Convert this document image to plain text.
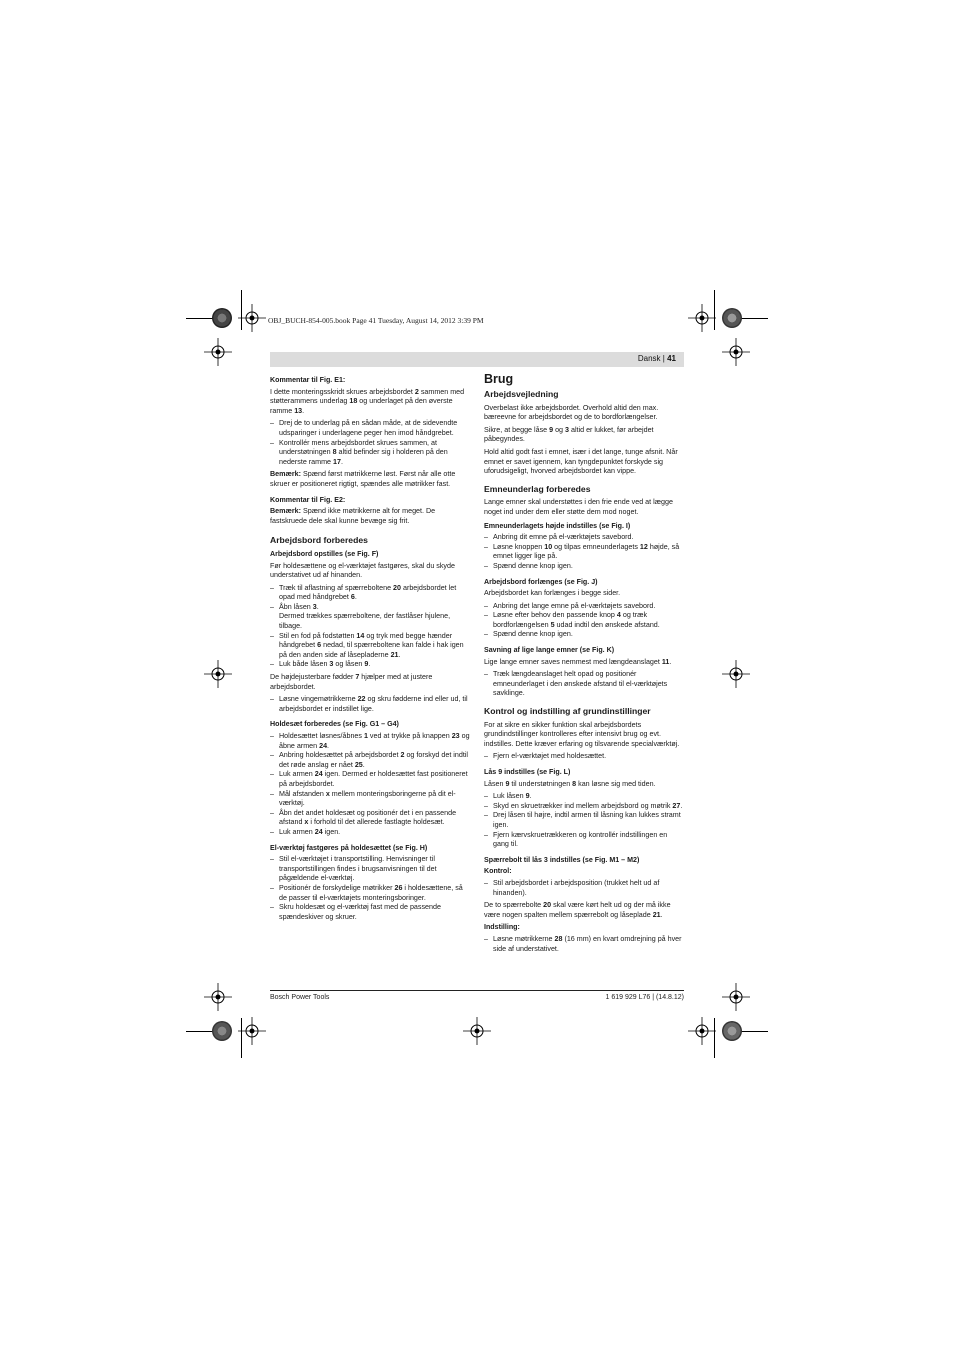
OBJ_BUCH-854-005.book Page 41 Tuesday, August 14, 2012 3:39 PM
Dansk | 41
Kommentar til Fig. E1:

I dette monteringsskridt skrues arbejdsbordet 2 sammen med støtterammens underlag 18 og underlaget på den øverste ramme 13.

– Drej de to underlag på en sådan måde, at de sidevendte udsparinger i underlagene peger hen imod håndgrebet.
– Kontrollér mens arbejdsbordet skrues sammen, at understøtningen 8 altid befinder sig i holderen på den nederste ramme 17.

Bemærk: Spænd først møtrikkerne løst. Først når alle otte skruer er positioneret rigtigt, spændes alle møtrikker fast.

Kommentar til Fig. E2:

Bemærk: Spænd ikke møtrikkerne alt for meget. De fastskruede dele skal kunne bevæge sig frit.

Arbejdsbord forberedes
Arbejdsbord opstilles (se Fig. F)

Før holdesættene og el-værktøjet fastgøres, skal du skyde understativet ud af hinanden.

– Træk til aflastning af spærreboltene 20 arbejdsbordet let opad med håndgrebet 6.
– Åbn låsen 3.
Dermed trækkes spærreboltene, der fastlåser hjulene, tilbage.
– Stil en fod på fodstøtten 14 og tryk med begge hænder håndgrebet 6 nedad, til spærreboltene kan falde i hak igen på den anden side af låsepladerne 21.
– Luk både låsen 3 og låsen 9.

De højdejusterbare fødder 7 hjælper med at justere arbejdsbordet.

– Løsne vingemøtrikkerne 22 og skru fødderne ind eller ud, til arbejdsbordet er indstillet lige.
Holdesæt forberedes (se Fig. G1 – G4)
– Holdesættet løsnes/åbnes 1 ved at trykke på knappen 23 og åbne armen 24.
– Anbring holdesættet på arbejdsbordet 2 og forskyd det indtil det røde anslag er nået 25.
– Luk armen 24 igen. Dermed er holdesættet fast positioneret på arbejdsbordet.
– Mål afstanden x mellem monteringsboringerne på dit el-værktøj.
– Åbn det andet holdesæt og positionér det i en passende afstand x i forhold til det allerede fastlagte holdesæt.
– Luk armen 24 igen.
El-værktøj fastgøres på holdesættet (se Fig. H)
– Stil el-værktøjet i transportstilling. Henvisninger til transportstillingen findes i brugsanvisningen til det pågældende el-værktøj.
– Positionér de forskydelige møtrikker 26 i holdesættene, så de passer til el-værktøjets monteringsboringer.
– Skru holdesæt og el-værktøj fast med de passende spændeskiver og skruer.
Brug
Arbejdsvejledning

Overbelast ikke arbejdsbordet. Overhold altid den max. bæreevne for arbejdsbordet og de to bordforlængelser.

Sikre, at begge låse 9 og 3 altid er lukket, før arbejdet påbegyndes.

Hold altid godt fast i emnet, især i det lange, tunge afsnit. Når emnet er savet igennem, kan tyngdepunktet forskyde sig uforudsigeligt, hvorved arbejdsbordet kan vippe.

Emneunderlag forberedes

Lange emner skal understøttes i den frie ende ved at lægge noget ind under dem eller støtte dem mod noget.

Emneunderlagets højde indstilles (se Fig. I)
– Anbring dit emne på el-værktøjets savebord.
– Løsne knoppen 10 og tilpas emneunderlagets 12 højde, så emnet ligger lige på.
– Spænd denne knop igen.
Arbejdsbord forlænges (se Fig. J)

Arbejdsbordet kan forlænges i begge sider.

– Anbring det lange emne på el-værktøjets savebord.
– Løsne efter behov den passende knop 4 og træk bordforlængelsen 5 udad indtil den ønskede afstand.
– Spænd denne knop igen.
Savning af lige lange emner (se Fig. K)

Lige lange emner saves nemmest med længdeanslaget 11.

– Træk længdeanslaget helt opad og positionér emneunderlaget i den ønskede afstand til el-værktøjets savklinge.
Kontrol og indstilling af grundinstillinger

For at sikre en sikker funktion skal arbejdsbordets grundindstillinger kontrolleres efter intensivt brug og evt. indstilles. Dette kræver erfaring og tilsvarende specialværktøj.

– Fjern el-værktøjet med holdesættet.
Lås 9 indstilles (se Fig. L)

Låsen 9 til understøtningen 8 kan løsne sig med tiden.

– Luk låsen 9.
– Skyd en skruetrækker ind mellem arbejdsbord og møtrik 27.
– Drej låsen til højre, indtil armen til låsning kan lukkes stramt igen.
– Fjern kærvskruetrækkeren og kontrollér indstillingen en gang til.
Spærrebolt til lås 3 indstilles (se Fig. M1 – M2)
Kontrol:
– Stil arbejdsbordet i arbejdsposition (trukket helt ud af hinanden).

De to spærrebolte 20 skal være kørt helt ud og der må ikke være nogen spalten mellem spærrebolt og låseplade 21.

Indstilling:
– Løsne møtrikkerne 28 (16 mm) en kvart omdrejning på hver side af understativet.
Bosch Power Tools	1 619 929 L76 | (14.8.12)
